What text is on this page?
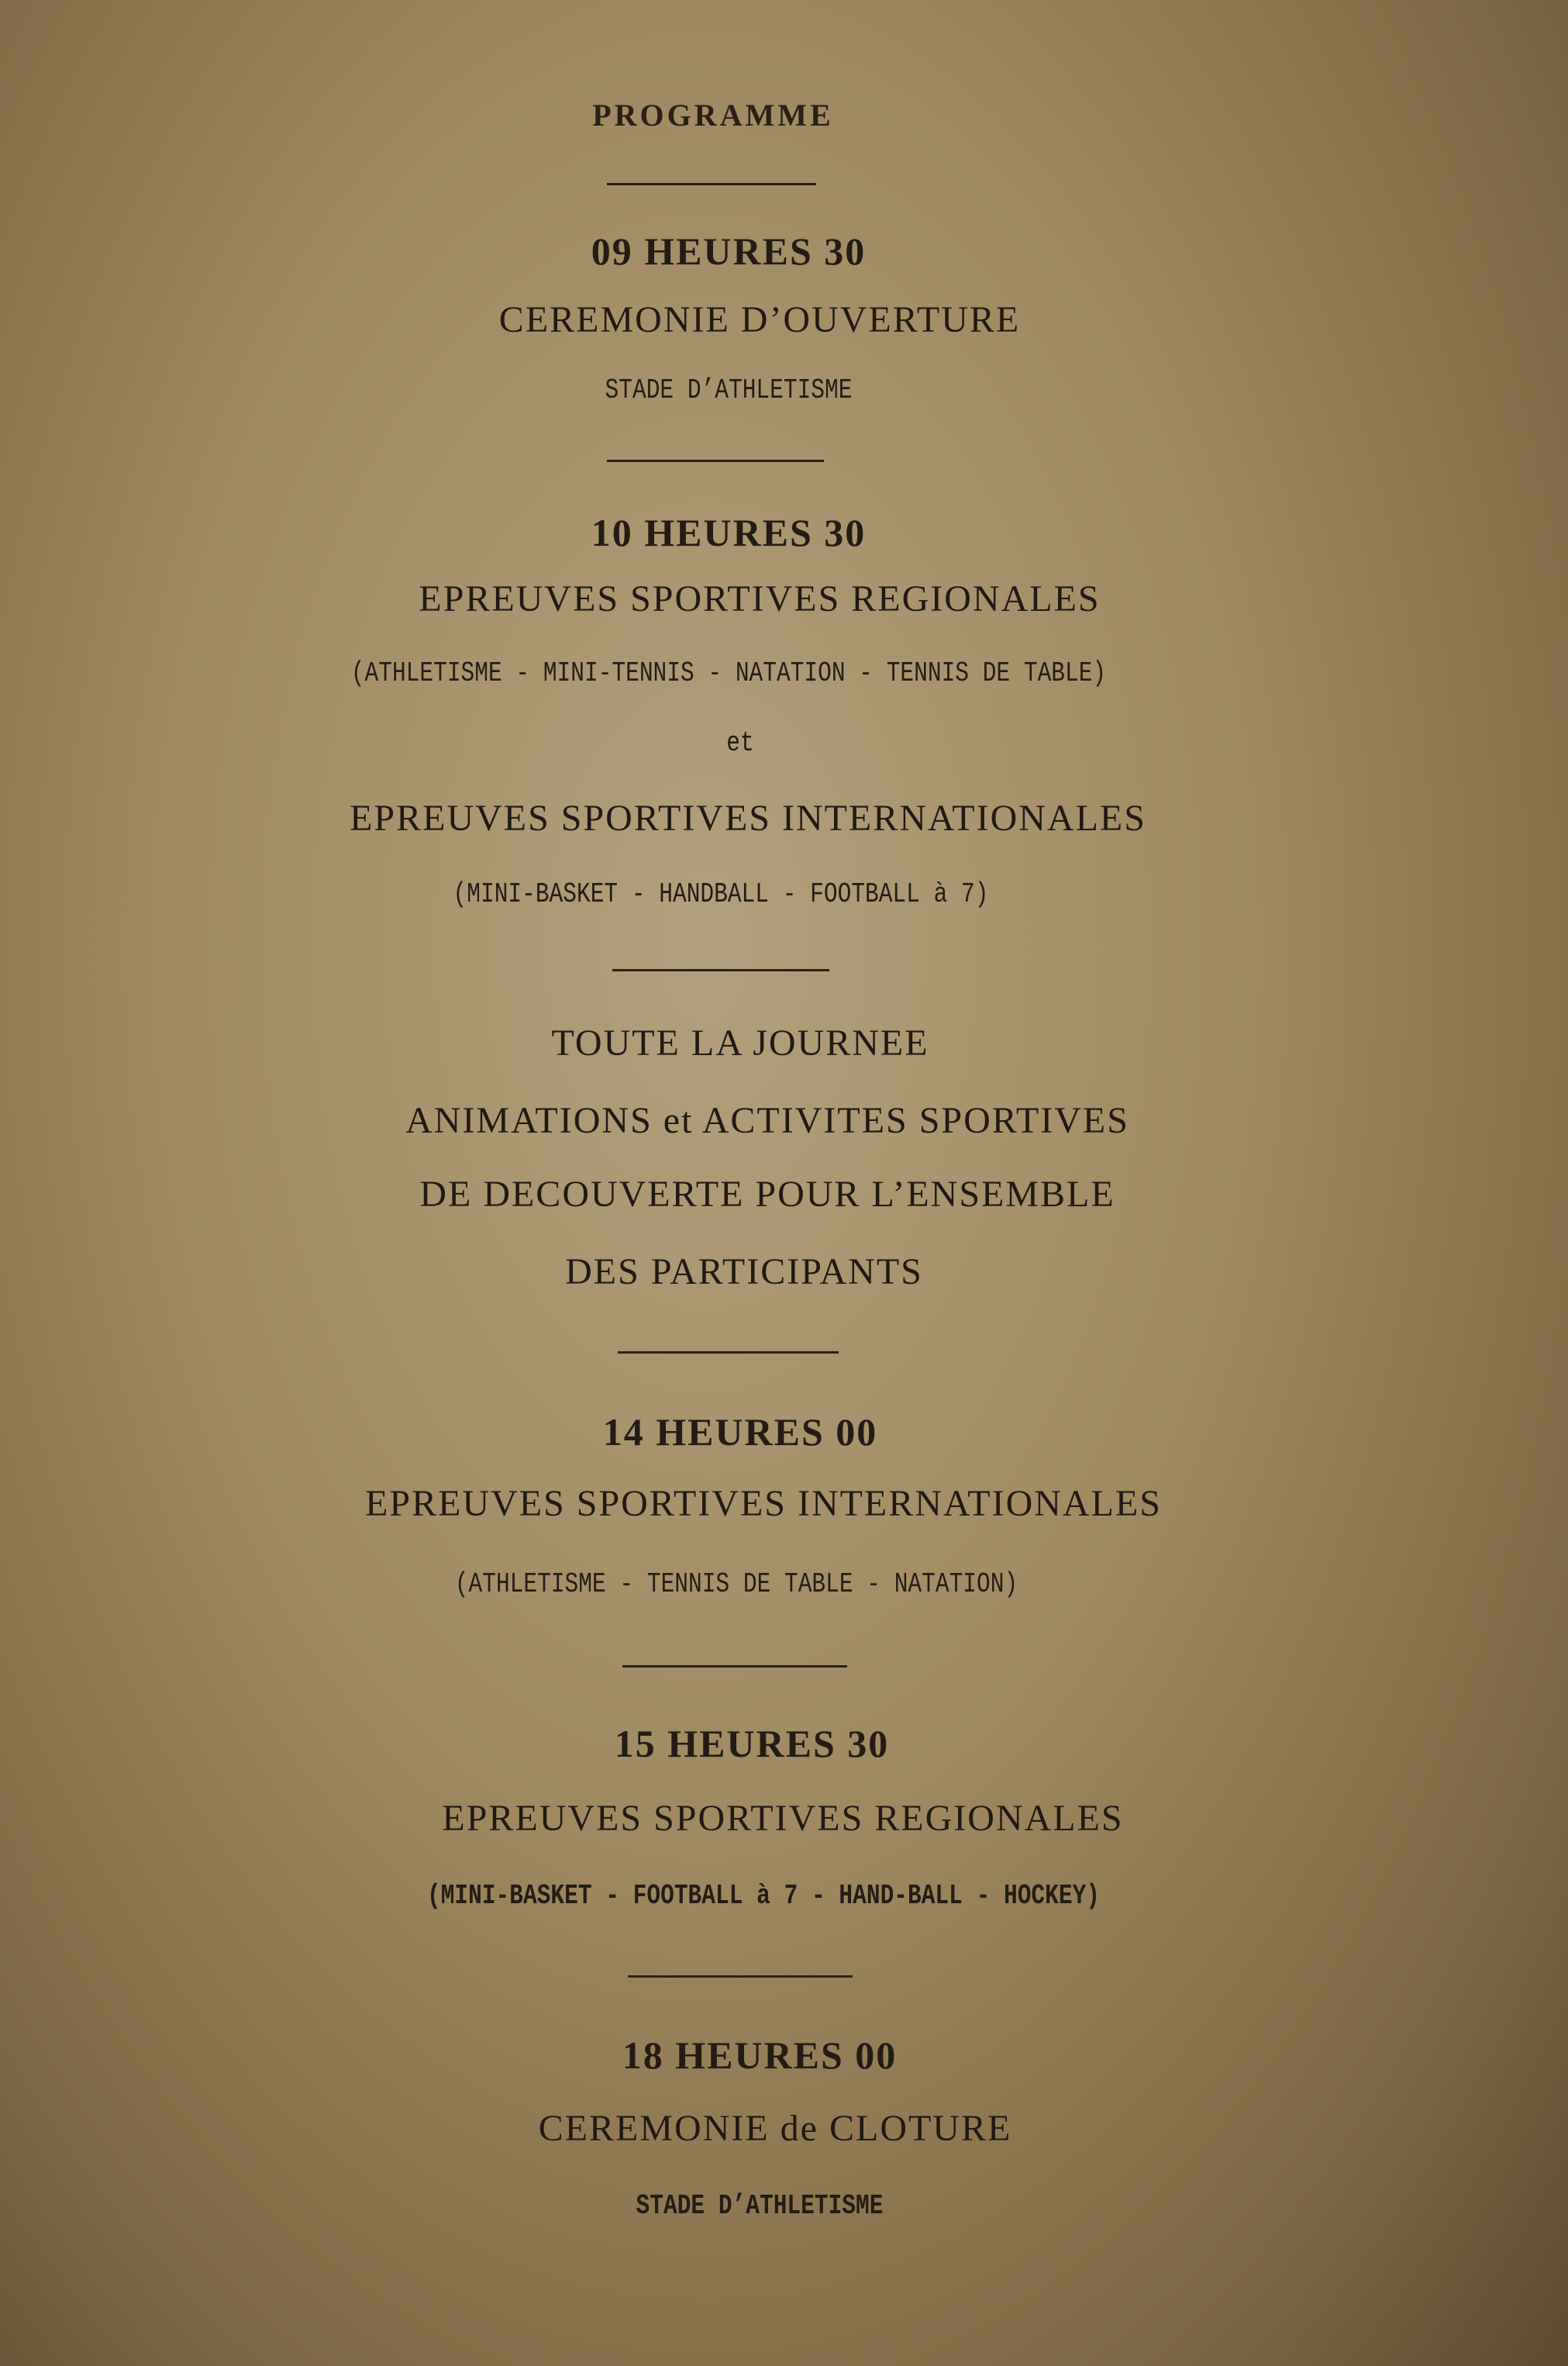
PROGRAMME
09 HEURES 30
CEREMONIE D’OUVERTURE
STADE D’ATHLETISME
10 HEURES 30
EPREUVES SPORTIVES REGIONALES
(ATHLETISME - MINI-TENNIS - NATATION - TENNIS DE TABLE)
et
EPREUVES SPORTIVES INTERNATIONALES
(MINI-BASKET - HANDBALL - FOOTBALL à 7)
TOUTE LA JOURNEE
ANIMATIONS et ACTIVITES SPORTIVES
DE DECOUVERTE POUR L’ENSEMBLE
DES PARTICIPANTS
14 HEURES 00
EPREUVES SPORTIVES INTERNATIONALES
(ATHLETISME - TENNIS DE TABLE - NATATION)
15 HEURES 30
EPREUVES SPORTIVES REGIONALES
(MINI-BASKET - FOOTBALL à 7 - HAND-BALL - HOCKEY)
18 HEURES 00
CEREMONIE de CLOTURE
STADE D’ATHLETISME
